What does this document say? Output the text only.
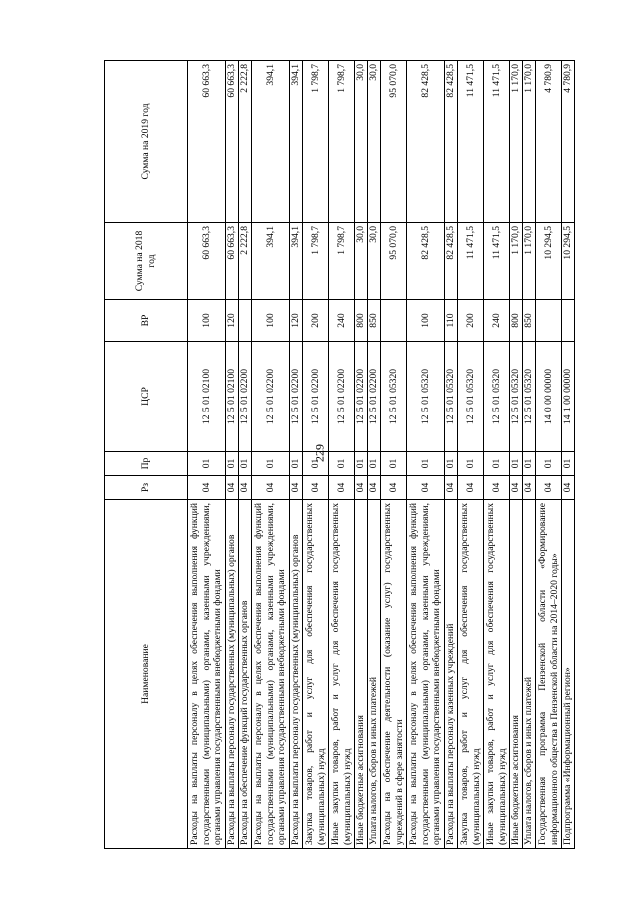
229
Наименование	Рз	Пр	ЦСР	ВР	Сумма на 2018 год	Сумма на 2019 год
Расходы на выплаты персоналу в целях обеспечения выполнения функций государственными (муниципальными) органами, казенными учреждениями, органами управления государственными внебюджетными фондами	04	01	12 5 01 02100	100	60 663,3	60 663,3
Расходы на выплаты персоналу государственных (муниципальных) органов	04	01	12 5 01 02100	120	60 663,3	60 663,3
Расходы на обеспечение функций государственных органов	04	01	12 5 01 02200		2 222,8	2 222,8
Расходы на выплаты персоналу в целях обеспечения выполнения функций государственными (муниципальными) органами, казенными учреждениями, органами управления государственными внебюджетными фондами	04	01	12 5 01 02200	100	394,1	394,1
Расходы на выплаты персоналу государственных (муниципальных) органов	04	01	12 5 01 02200	120	394,1	394,1
Закупка товаров, работ и услуг для обеспечения государственных (муниципальных) нужд	04	01	12 5 01 02200	200	1 798,7	1 798,7
Иные закупки товаров, работ и услуг для обеспечения государственных (муниципальных) нужд	04	01	12 5 01 02200	240	1 798,7	1 798,7
Иные бюджетные ассигнования	04	01	12 5 01 02200	800	30,0	30,0
Уплата налогов, сборов и иных платежей	04	01	12 5 01 02200	850	30,0	30,0
Расходы на обеспечение деятельности (оказание услуг) государственных учреждений в сфере занятости	04	01	12 5 01 05320		95 070,0	95 070,0
Расходы на выплаты персоналу в целях обеспечения выполнения функций государственными (муниципальными) органами, казенными учреждениями, органами управления государственными внебюджетными фондами	04	01	12 5 01 05320	100	82 428,5	82 428,5
Расходы на выплаты персоналу казенных учреждений	04	01	12 5 01 05320	110	82 428,5	82 428,5
Закупка товаров, работ и услуг для обеспечения государственных (муниципальных) нужд	04	01	12 5 01 05320	200	11 471,5	11 471,5
Иные закупки товаров, работ и услуг для обеспечения государственных (муниципальных) нужд	04	01	12 5 01 05320	240	11 471,5	11 471,5
Иные бюджетные ассигнования	04	01	12 5 01 05320	800	1 170,0	1 170,0
Уплата налогов, сборов и иных платежей	04	01	12 5 01 05320	850	1 170,0	1 170,0
Государственная программа Пензенской области «Формирование информационного общества в Пензенской области на 2014–2020 годы»	04	01	14 0 00 00000		10 294,5	4 780,9
Подпрограмма «Информационный регион»	04	01	14 1 00 00000		10 294,5	4 780,9
